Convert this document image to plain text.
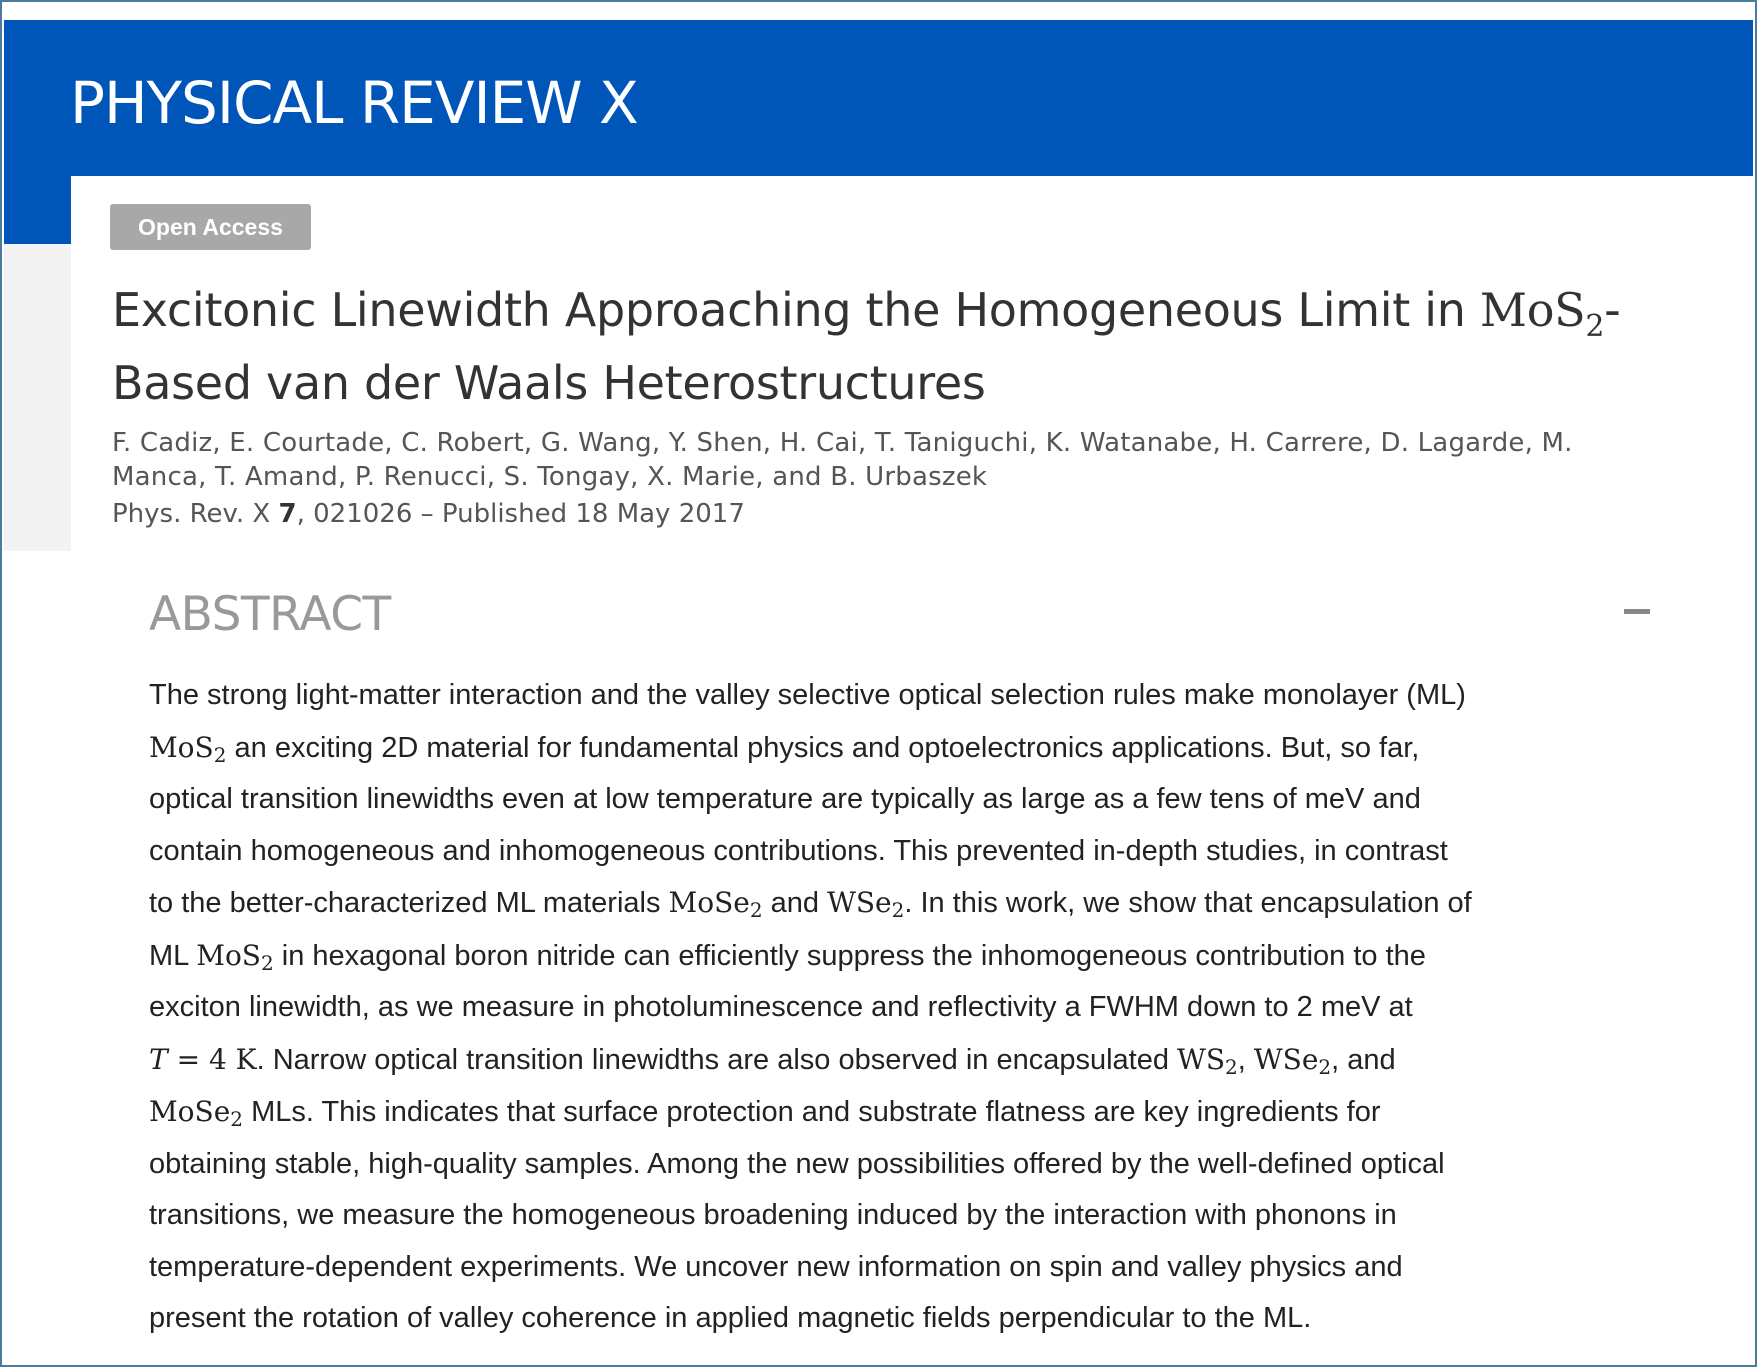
PHYSICAL REVIEW X
Open Access
Excitonic Linewidth Approaching the Homogeneous Limit in MoS$_2$-
Based van der Waals Heterostructures

F. Cadiz, E. Courtade, C. Robert, G. Wang, Y. Shen, H. Cai, T. Taniguchi, K. Watanabe, H. Carrere, D. Lagarde, M.
Manca, T. Amand, P. Renucci, S. Tongay, X. Marie, and B. Urbaszek

Phys. Rev. X 7, 021026 – Published 18 May 2017

ABSTRACT
The strong light-matter interaction and the valley selective optical selection rules make monolayer (ML)
MoS$_2$ an exciting 2D material for fundamental physics and optoelectronics applications. But, so far,
optical transition linewidths even at low temperature are typically as large as a few tens of meV and
contain homogeneous and inhomogeneous contributions. This prevented in-depth studies, in contrast
to the better-characterized ML materials MoSe$_2$ and WSe$_2$. In this work, we show that encapsulation of
ML MoS$_2$ in hexagonal boron nitride can efficiently suppress the inhomogeneous contribution to the
exciton linewidth, as we measure in photoluminescence and reflectivity a FWHM down to 2 meV at
T = 4 K. Narrow optical transition linewidths are also observed in encapsulated $WS_2$, WSe$_2$, and
MoSe$_2$ MLs. This indicates that surface protection and substrate flatness are key ingredients for
obtaining stable, high-quality samples. Among the new possibilities offered by the well-defined optical
transitions, we measure the homogeneous broadening induced by the interaction with phonons in
temperature-dependent experiments. We uncover new information on spin and valley physics and
present the rotation of valley coherence in applied magnetic fields perpendicular to the ML.
